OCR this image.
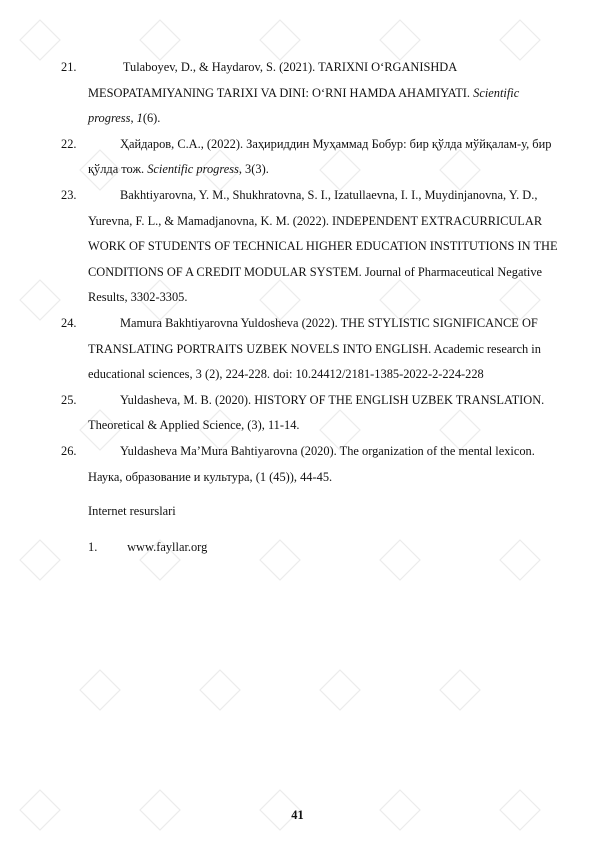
21.	Tulaboyev, D., & Haydarov, S. (2021). TARIXNI O‘RGANISHDA MESOPATAMIYANING TARIXI VA DINI: O‘RNI HAMDA AHAMIYATI. Scientific progress, 1(6).
22.	Ҳайдаров, С.А., (2022). Заҳириддин Муҳаммад Бобур: бир қўлда мўйқалам-у, бир қўлда тож. Scientific progress, 3(3).
23.	Bakhtiyarovna, Y. M., Shukhratovna, S. I., Izatullaevna, I. I., Muydinjanovna, Y. D., Yurevna, F. L., & Mamadjanovna, K. M. (2022). INDEPENDENT EXTRACURRICULAR WORK OF STUDENTS OF TECHNICAL HIGHER EDUCATION INSTITUTIONS IN THE CONDITIONS OF A CREDIT MODULAR SYSTEM. Journal of Pharmaceutical Negative Results, 3302-3305.
24.	Mamura Bakhtiyarovna Yuldosheva (2022). THE STYLISTIC SIGNIFICANCE OF TRANSLATING PORTRAITS UZBEK NOVELS INTO ENGLISH. Academic research in educational sciences, 3 (2), 224-228. doi: 10.24412/2181-1385-2022-2-224-228
25.	Yuldasheva, M. B. (2020). HISTORY OF THE ENGLISH UZBEK TRANSLATION. Theoretical & Applied Science, (3), 11-14.
26.	Yuldasheva Ma’Mura Bahtiyarovna (2020). The organization of the mental lexicon. Наука, образование и культура, (1 (45)), 44-45.
Internet resurslari
1. www.fayllar.org
41
